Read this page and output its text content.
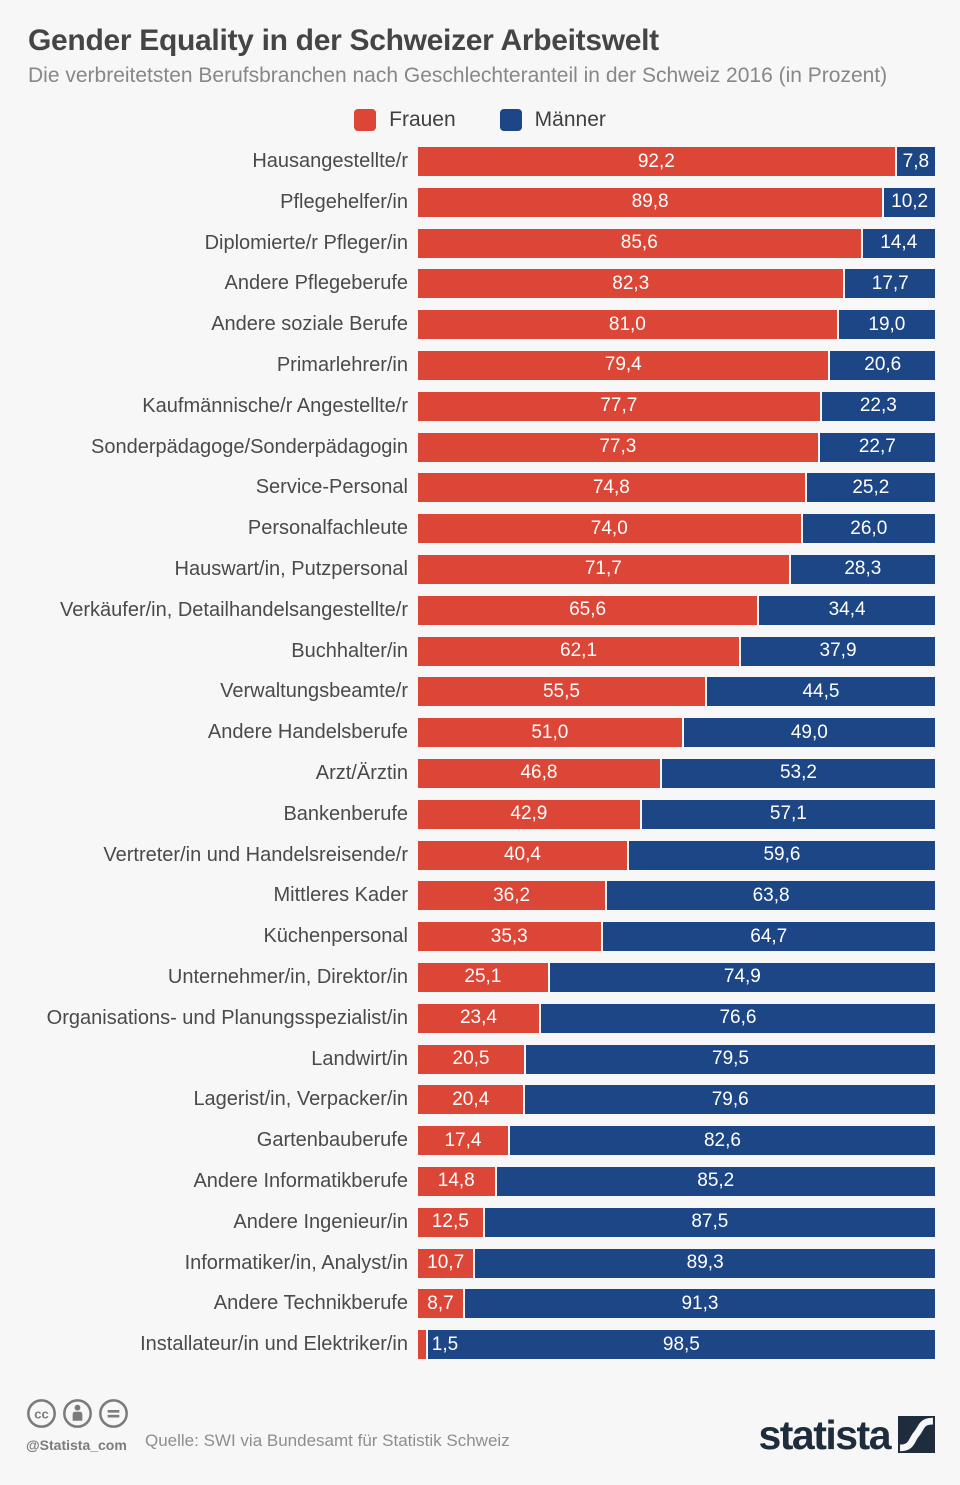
Gender Equality in der Schweizer Arbeitswelt
Die verbreitetsten Berufsbranchen nach Geschlechteranteil in der Schweiz 2016 (in Prozent)
Frauen	Männer
Hausangestellte/r	92,2	7,8
Pflegehelfer/in	89,8	10,2
Diplomierte/r Pfleger/in	85,6	14,4
Andere Pflegeberufe	82,3	17,7
Andere soziale Berufe	81,0	19,0
Primarlehrer/in	79,4	20,6
Kaufmännische/r Angestellte/r	77,7	22,3
Sonderpädagoge/Sonderpädagogin	77,3	22,7
Service-Personal	74,8	25,2
Personalfachleute	74,0	26,0
Hauswart/in, Putzpersonal	71,7	28,3
Verkäufer/in, Detailhandelsangestellte/r	65,6	34,4
Buchhalter/in	62,1	37,9
Verwaltungsbeamte/r	55,5	44,5
Andere Handelsberufe	51,0	49,0
Arzt/Ärztin	46,8	53,2
Bankenberufe	42,9	57,1
Vertreter/in und Handelsreisende/r	40,4	59,6
Mittleres Kader	36,2	63,8
Küchenpersonal	35,3	64,7
Unternehmer/in, Direktor/in	25,1	74,9
Organisations- und Planungsspezialist/in	23,4	76,6
Landwirt/in	20,5	79,5
Lagerist/in, Verpacker/in	20,4	79,6
Gartenbauberufe	17,4	82,6
Andere Informatikberufe	14,8	85,2
Andere Ingenieur/in	12,5	87,5
Informatiker/in, Analyst/in	10,7	89,3
Andere Technikberufe	8,7	91,3
Installateur/in und Elektriker/in	1,5	98,5
cc
@Statista_com Quelle: SWI via Bundesamt für Statistik Schweiz	statista
